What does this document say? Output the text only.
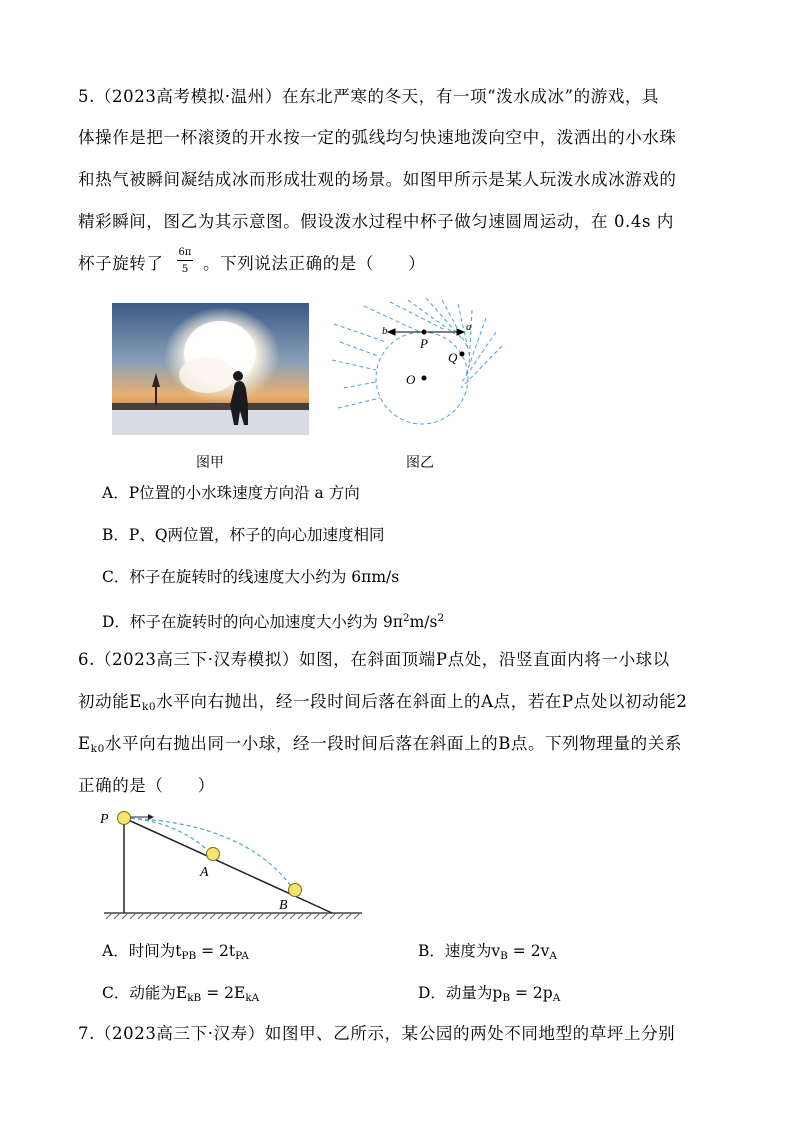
5.（2023高考模拟·温州）在东北严寒的冬天，有一项“泼水成冰”的游戏，具
体操作是把一杯滚烫的开水按一定的弧线均匀快速地泼向空中，泼洒出的小水珠
和热气被瞬间凝结成冰而形成壮观的场景。如图甲所示是某人玩泼水成冰游戏的
精彩瞬间，图乙为其示意图。假设泼水过程中杯子做匀速圆周运动，在 0.4s 内
杯子旋转了
6π
5 。下列说法正确的是（　　）
图甲
b	a
P
Q
O
图乙
A．P位置的小水珠速度方向沿 a 方向
B．P、Q两位置，杯子的向心加速度相同
C．杯子在旋转时的线速度大小约为 6πm/s
D．杯子在旋转时的向心加速度大小约为 $9\pi^2m/s^2$
6.（2023高三下·汉寿模拟）如图，在斜面顶端P点处，沿竖直面内将一小球以
初动能$E_{k0}$水平向右抛出，经一段时间后落在斜面上的A点，若在P点处以初动能2
$E_{k0}$水平向右抛出同一小球，经一段时间后落在斜面上的B点。下列物理量的关系
正确的是（　　）
P
A
B
A．时间为$t_{PB} = 2t_{PA}$	B．速度为$v_B = 2v_A$
C．动能为$E_{kB} = 2E_{kA}$	D．动量为$p_B = 2p_A$
7.（2023高三下·汉寿）如图甲、乙所示，某公园的两处不同地型的草坪上分别
